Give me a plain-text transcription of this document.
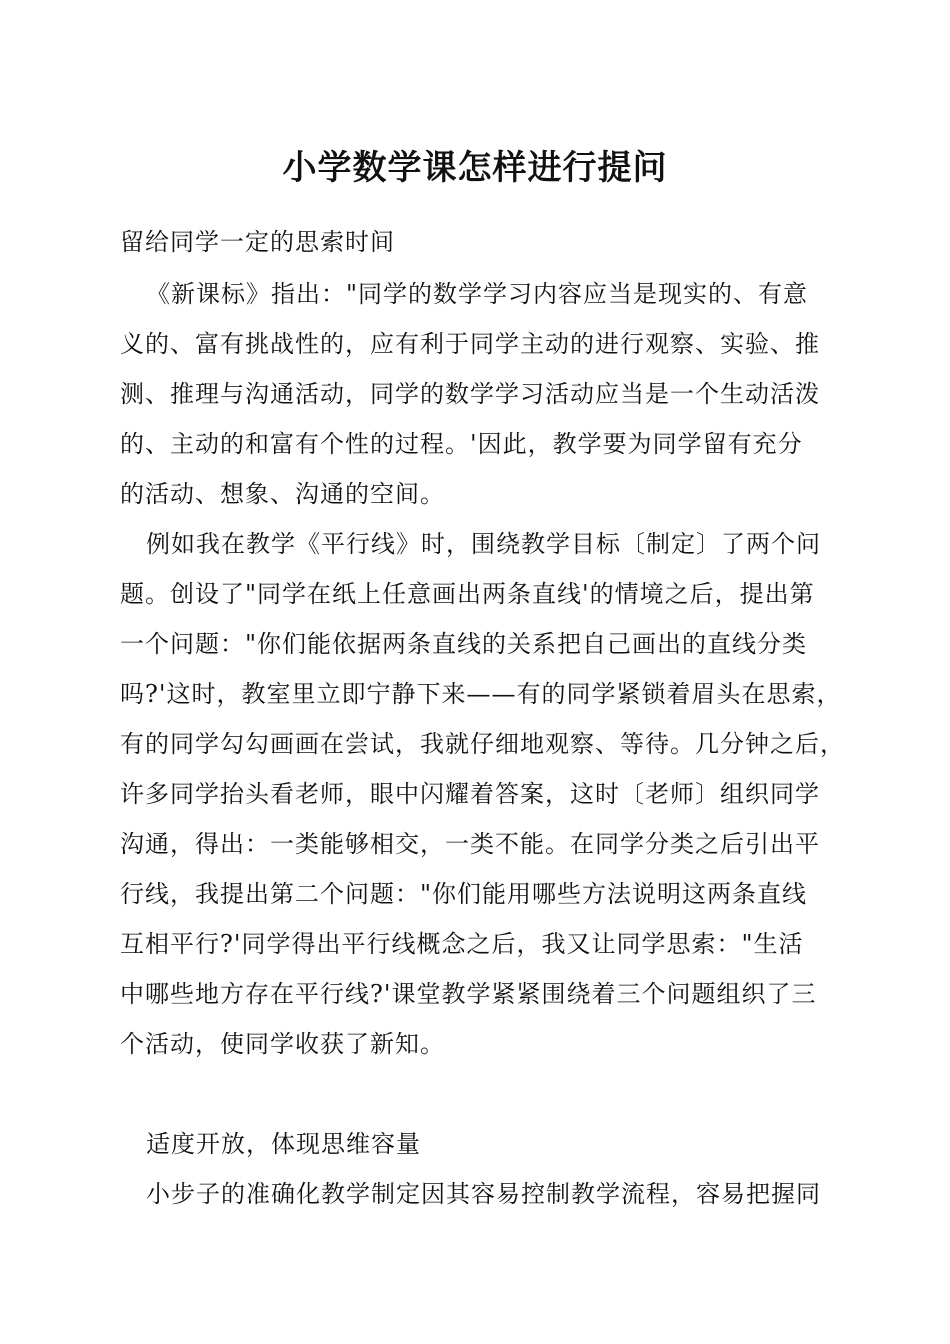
小学数学课怎样进行提问
留给同学一定的思索时间
《新课标》指出："同学的数学学习内容应当是现实的、有意
义的、富有挑战性的，应有利于同学主动的进行观察、实验、推
测、推理与沟通活动，同学的数学学习活动应当是一个生动活泼
的、主动的和富有个性的过程。'因此，教学要为同学留有充分
的活动、想象、沟通的空间。
例如我在教学《平行线》时，围绕教学目标〔制定〕了两个问
题。创设了"同学在纸上任意画出两条直线'的情境之后，提出第
一个问题："你们能依据两条直线的关系把自己画出的直线分类
吗?'这时，教室里立即宁静下来——有的同学紧锁着眉头在思索，
有的同学勾勾画画在尝试，我就仔细地观察、等待。几分钟之后，
许多同学抬头看老师，眼中闪耀着答案，这时〔老师〕组织同学
沟通，得出：一类能够相交，一类不能。在同学分类之后引出平
行线，我提出第二个问题："你们能用哪些方法说明这两条直线
互相平行?'同学得出平行线概念之后，我又让同学思索："生活
中哪些地方存在平行线?'课堂教学紧紧围绕着三个问题组织了三
个活动，使同学收获了新知。
适度开放，体现思维容量
小步子的准确化教学制定因其容易控制教学流程，容易把握同
